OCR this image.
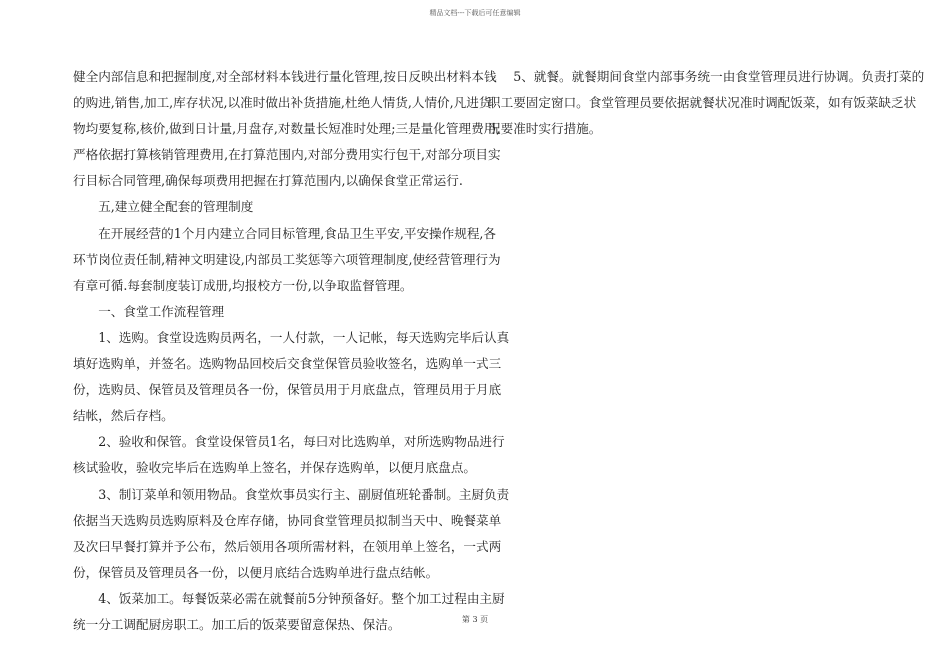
精品文档---下载后可任意编辑
健全内部信息和把握制度,对全部材料本钱进行量化管理,按日反映出材料本钱
的购进,销售,加工,库存状况,以准时做出补货措施,杜绝人情货,人情价,凡进货
物均要复称,核价,做到日计量,月盘存,对数量长短准时处理;三是量化管理费用,
严格依据打算核销管理费用,在打算范围内,对部分费用实行包干,对部分项目实
行目标合同管理,确保每项费用把握在打算范围内,以确保食堂正常运行.
　　五,建立健全配套的管理制度
　　在开展经营的1个月内建立合同目标管理,食品卫生平安,平安操作规程,各
环节岗位责任制,精神文明建设,内部员工奖惩等六项管理制度,使经营管理行为
有章可循.每套制度装订成册,均报校方一份,以争取监督管理。
　　一、食堂工作流程管理
　　1、选购。食堂设选购员两名，一人付款，一人记帐，每天选购完毕后认真
填好选购单，并签名。选购物品回校后交食堂保管员验收签名，选购单一式三
份，选购员、保管员及管理员各一份，保管员用于月底盘点，管理员用于月底
结帐，然后存档。
　　2、验收和保管。食堂设保管员1名，每曰对比选购单，对所选购物品进行
核试验收，验收完毕后在选购单上签名，并保存选购单，以便月底盘点。
　　3、制订菜单和领用物品。食堂炊事员实行主、副厨值班轮番制。主厨负责
依据当天选购员选购原料及仓库存储，协同食堂管理员拟制当天中、晚餐菜单
及次曰早餐打算并予公布，然后领用各项所需材料，在领用单上签名，一式两
份，保管员及管理员各一份，以便月底结合选购单进行盘点结帐。
　　4、饭菜加工。每餐饭菜必需在就餐前5分钟预备好。整个加工过程由主厨
统一分工调配厨房职工。加工后的饭菜要留意保热、保洁。
　　5、就餐。就餐期间食堂内部事务统一由食堂管理员进行协调。负责打菜的
职工要固定窗口。食堂管理员要依据就餐状况准时调配饭菜，如有饭菜缺乏状
况要准时实行措施。
第 3 页
